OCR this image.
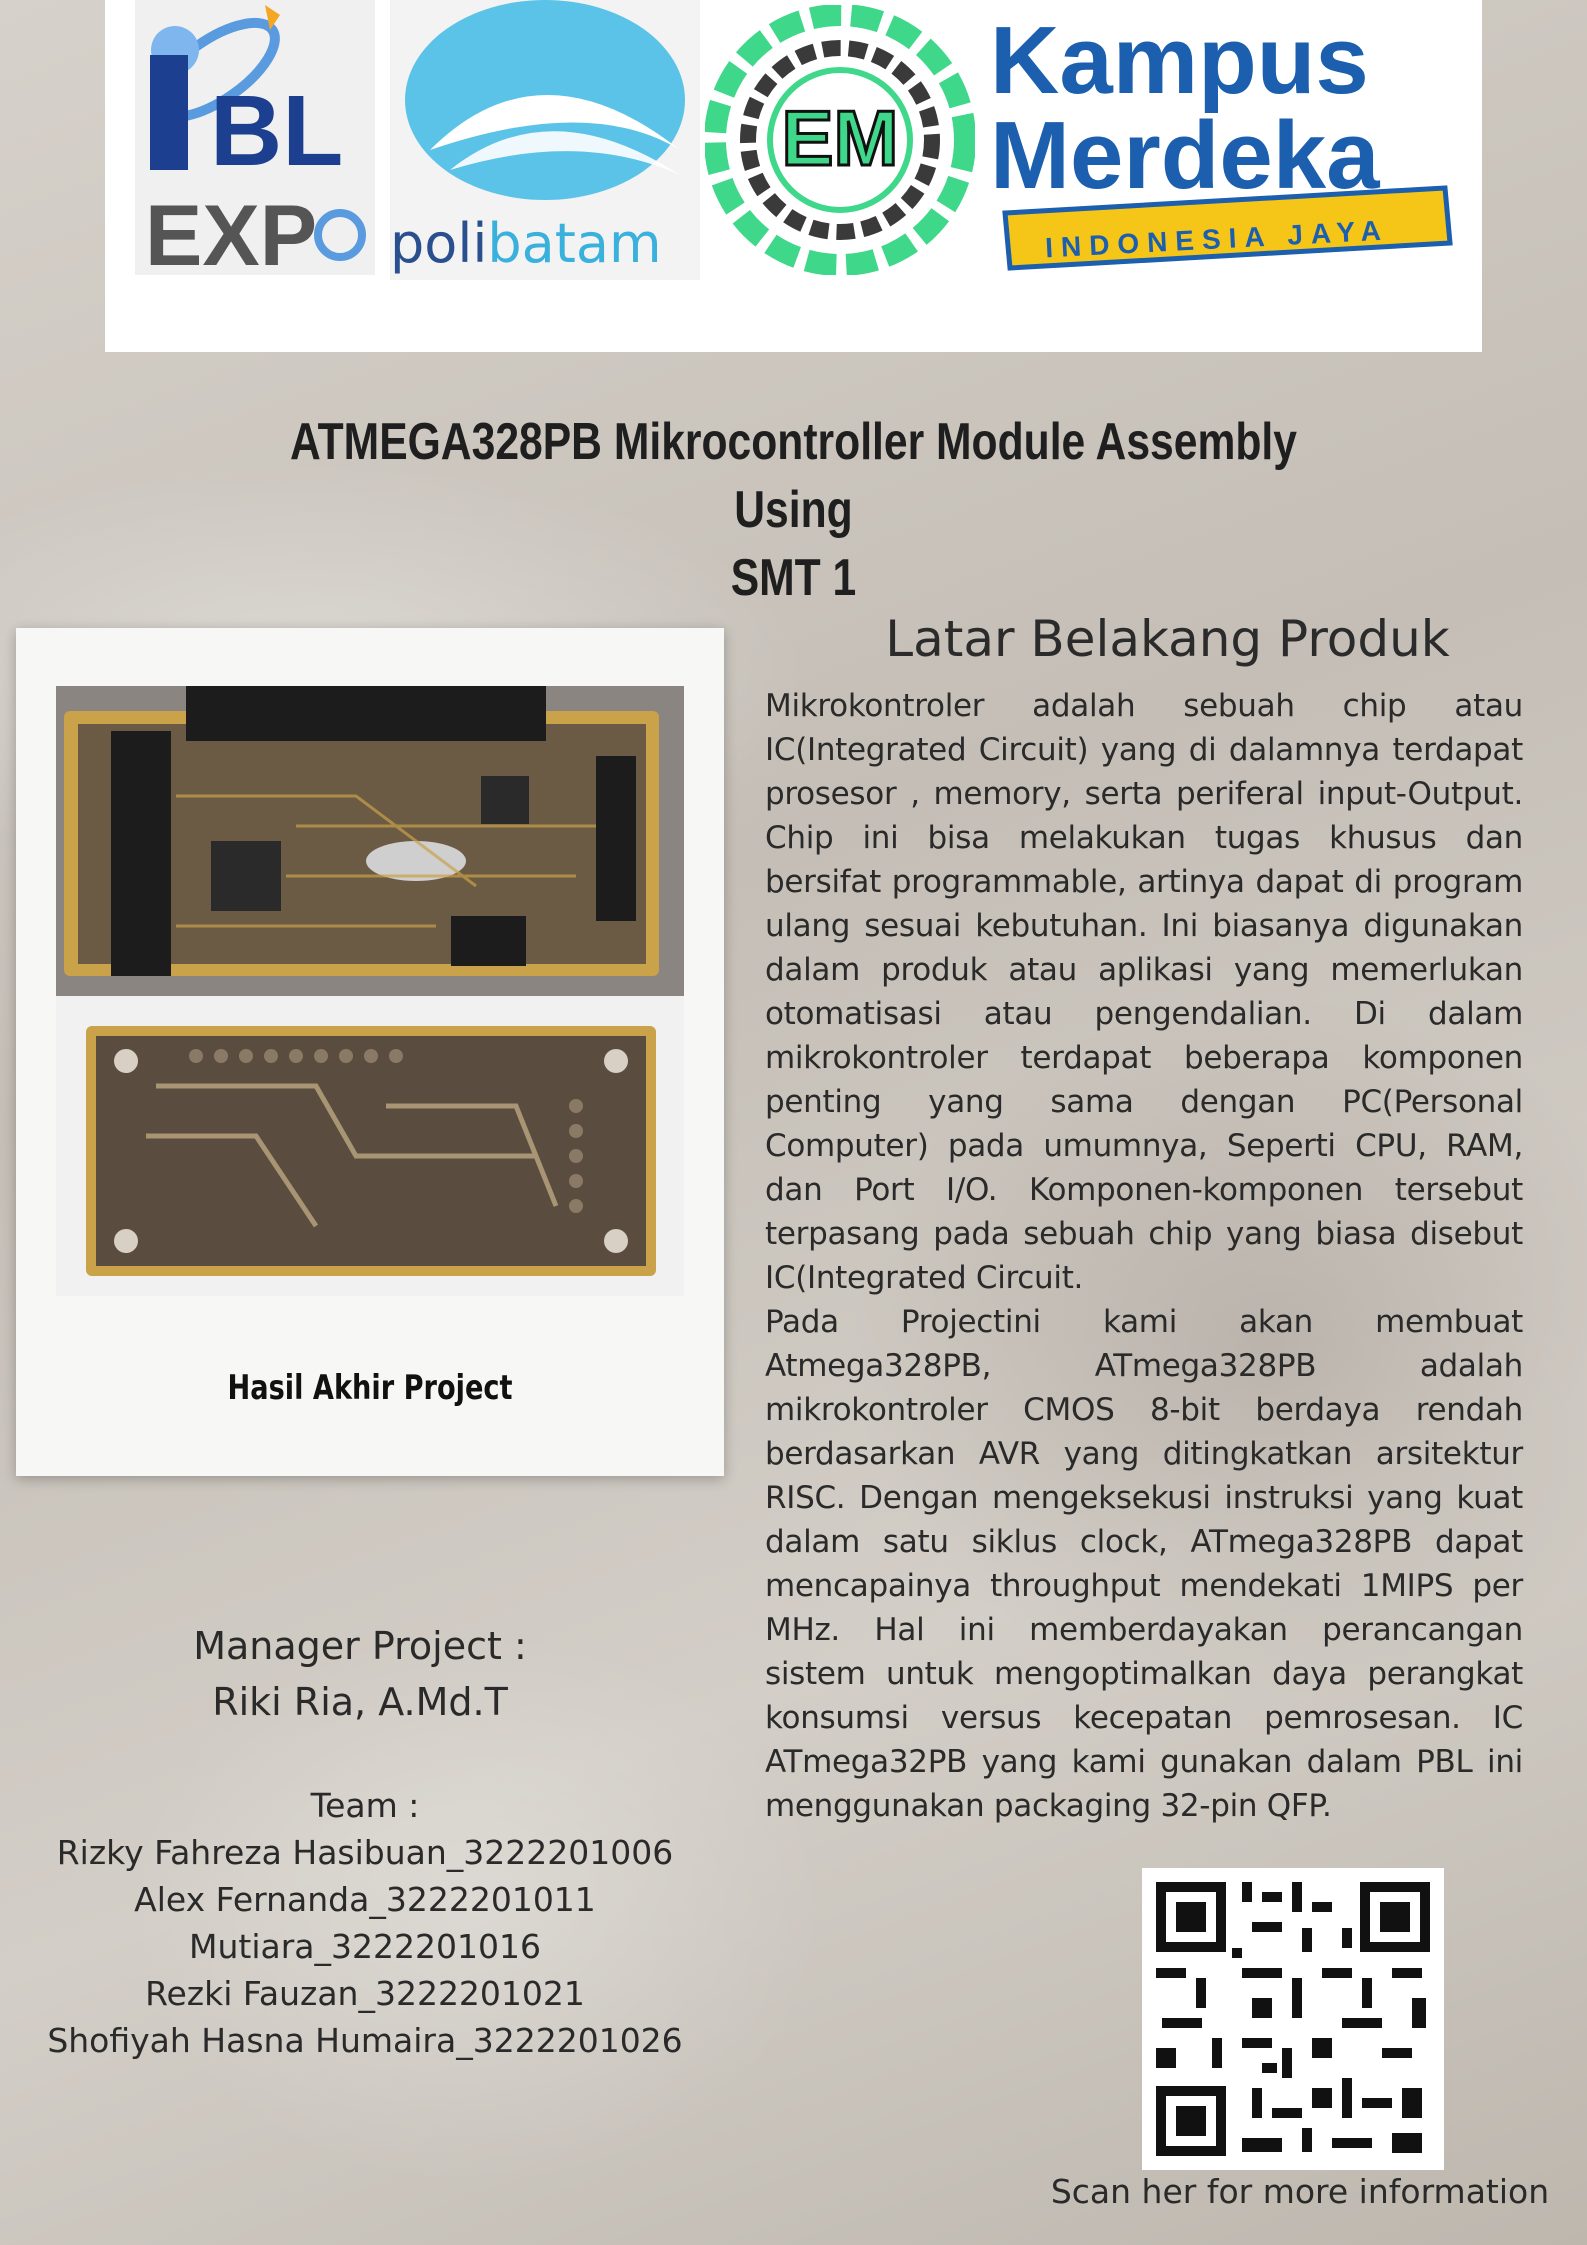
BL
EXP polibatam
EM
Kampus
Merdeka
INDONESIA JAYA
ATMEGA328PB Mikrocontroller Module Assembly Using
SMT 1
Hasil Akhir Project
Latar Belakang Produk

Mikrokontroler adalah sebuah chip atau IC(Integrated Circuit) yang di dalamnya terdapat prosesor , memory, serta periferal input-Output. Chip ini bisa melakukan tugas khusus dan bersifat programmable, artinya dapat di program ulang sesuai kebutuhan. Ini biasanya digunakan dalam produk atau aplikasi yang memerlukan otomatisasi atau pengendalian. Di dalam mikrokontroler terdapat beberapa komponen penting yang sama dengan PC(Personal Computer) pada umumnya, Seperti CPU, RAM, dan Port I/O. Komponen-komponen tersebut terpasang pada sebuah chip yang biasa disebut IC(Integrated Circuit.

Pada Projectini kami akan membuat Atmega328PB, ATmega328PB adalah mikrokontroler CMOS 8-bit berdaya rendah berdasarkan AVR yang ditingkatkan arsitektur RISC. Dengan mengeksekusi instruksi yang kuat dalam satu siklus clock, ATmega328PB dapat mencapainya throughput mendekati 1MIPS per MHz. Hal ini memberdayakan perancangan sistem untuk mengoptimalkan daya perangkat konsumsi versus kecepatan pemrosesan. IC ATmega32PB yang kami gunakan dalam PBL ini menggunakan packaging 32-pin QFP.

Manager Project :
Riki Ria, A.Md.T
Team :
Rizky Fahreza Hasibuan_3222201006
Alex Fernanda_3222201011
Mutiara_3222201016
Rezki Fauzan_3222201021
Shofiyah Hasna Humaira_3222201026
Scan her for more information
